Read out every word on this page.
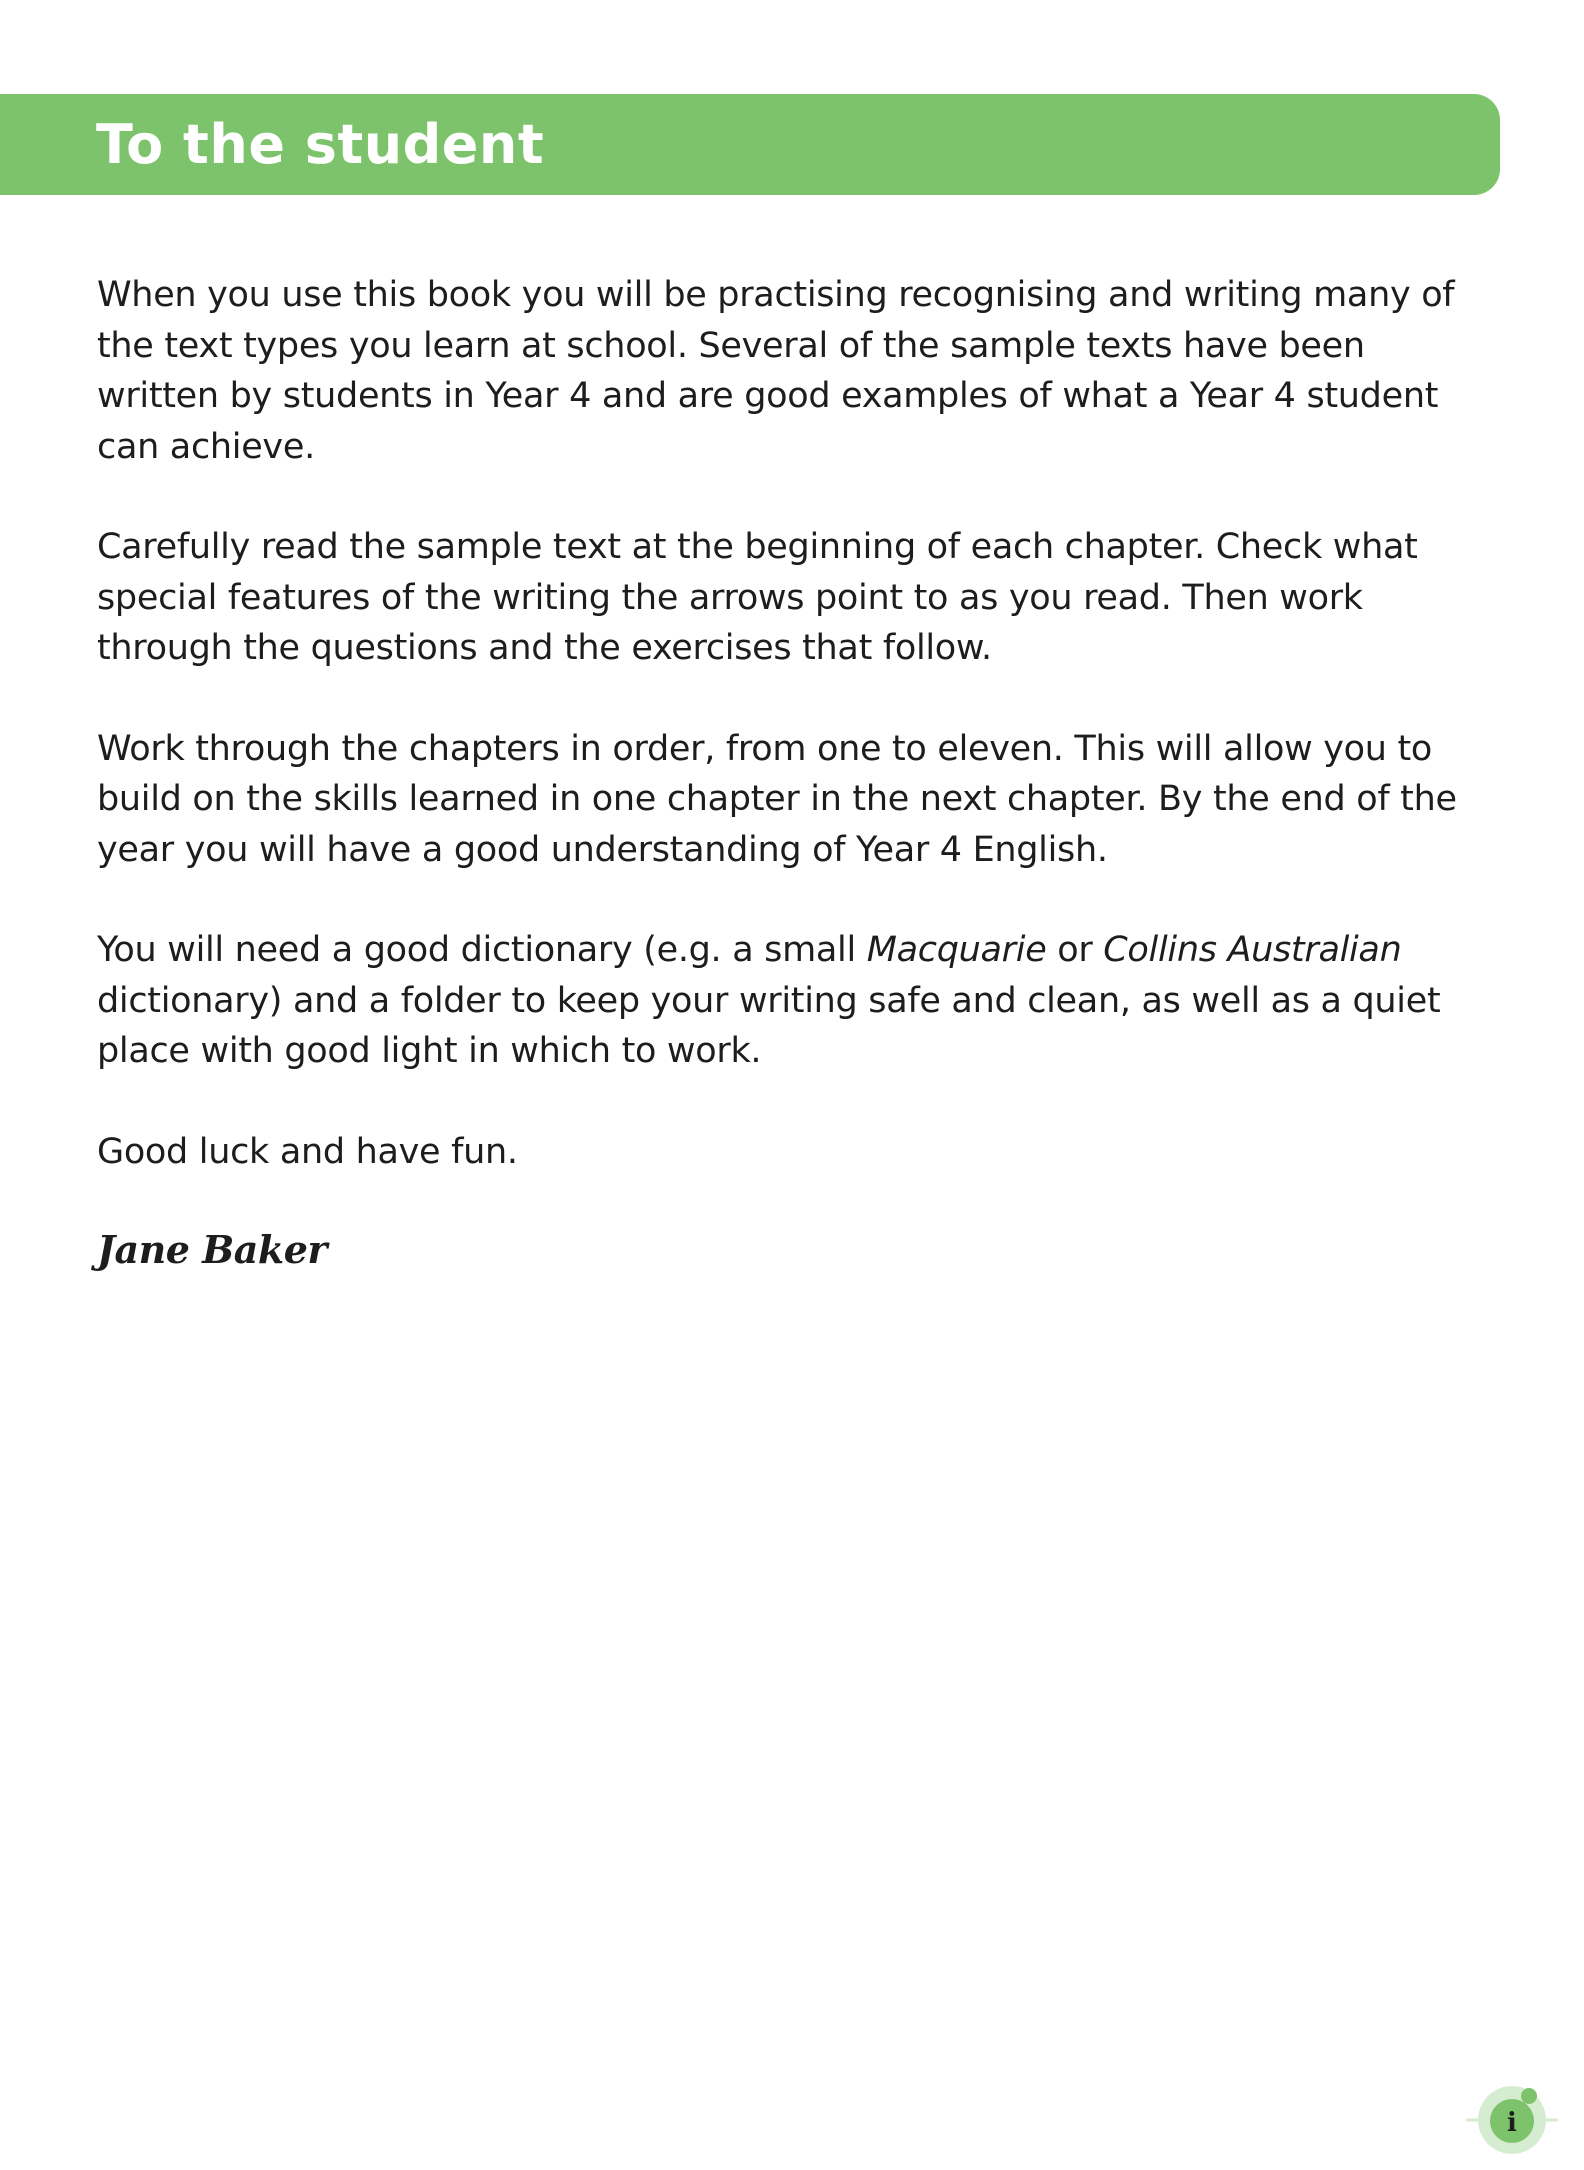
To the student

When you use this book you will be practising recognising and writing many of the text types you learn at school. Several of the sample texts have been written by students in Year 4 and are good examples of what a Year 4 student can achieve.

Carefully read the sample text at the beginning of each chapter. Check what special features of the writing the arrows point to as you read. Then work through the questions and the exercises that follow.

Work through the chapters in order, from one to eleven. This will allow you to build on the skills learned in one chapter in the next chapter. By the end of the year you will have a good understanding of Year 4 English.

You will need a good dictionary (e.g. a small Macquarie or Collins Australian dictionary) and a folder to keep your writing safe and clean, as well as a quiet place with good light in which to work.

Good luck and have fun.

Jane Baker
i
